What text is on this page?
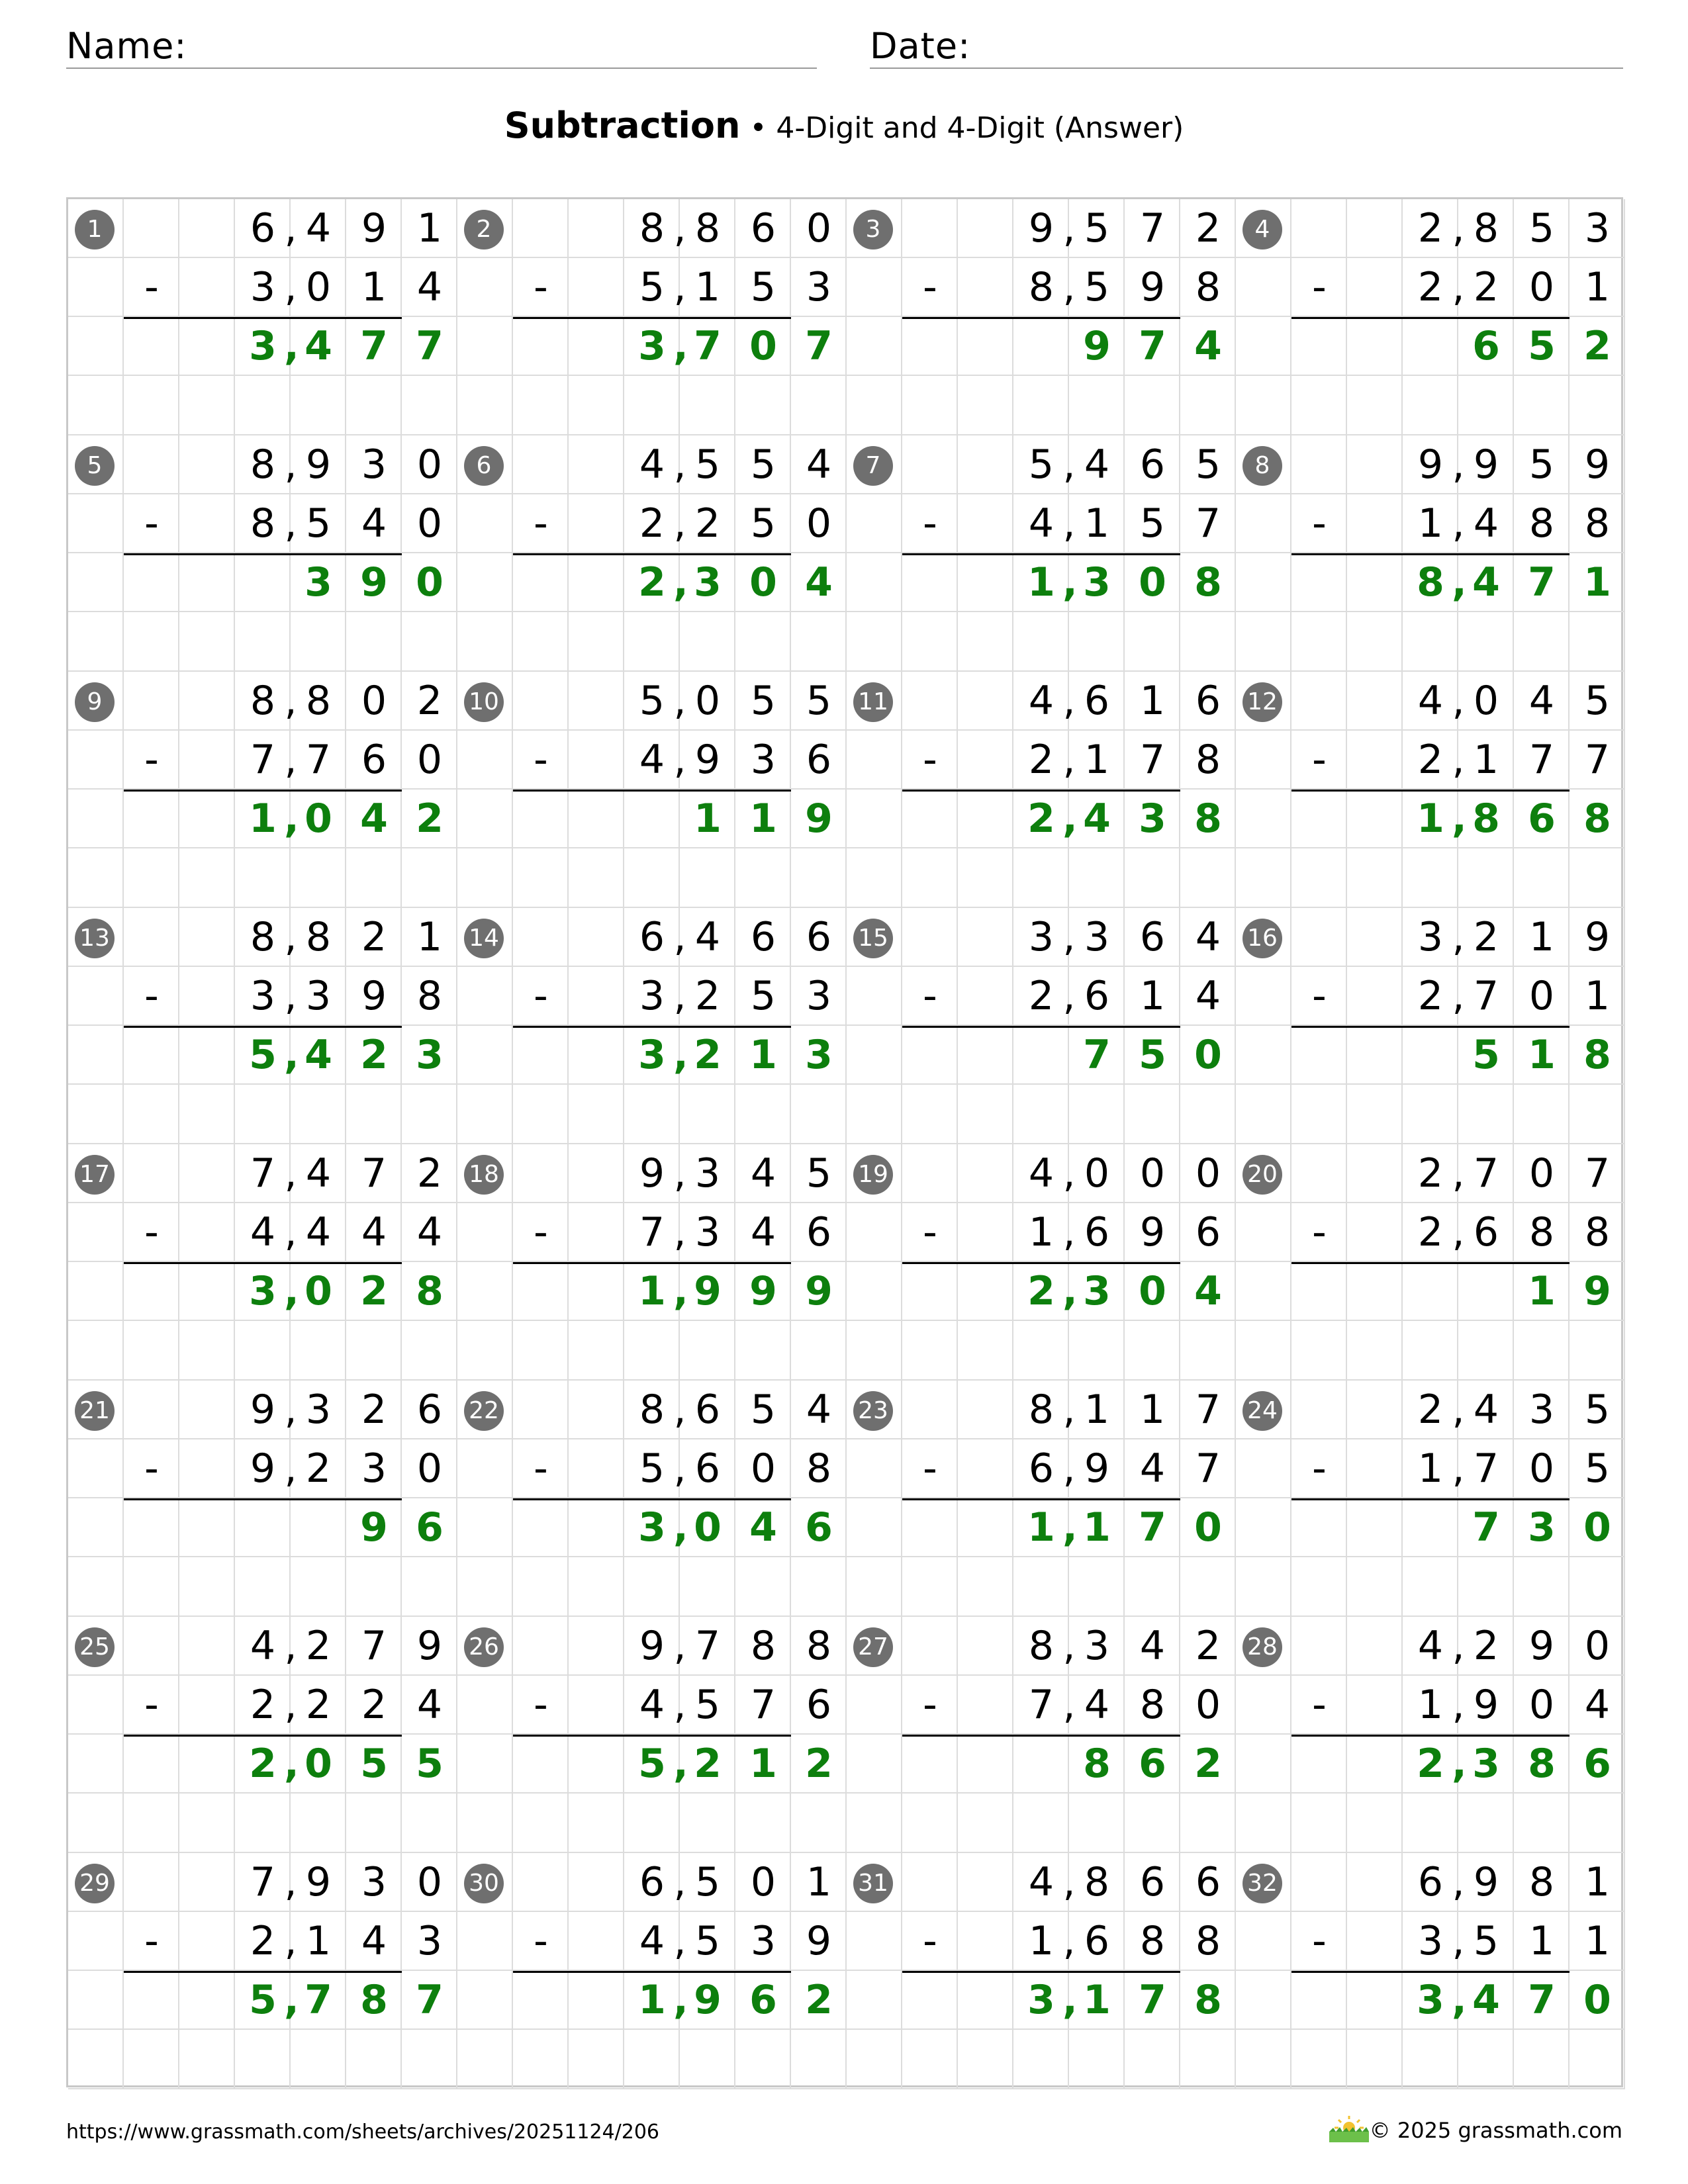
Name:	Date:
Subtraction • 4-Digit and 4-Digit (Answer)
1
-
6 4 9 1
,
3 0 1 4
,
3 4 7 7
,
2
-
8 8 6 0
,
5 1 5 3
,
3 7 0 7
,
3
-
9 5 7 2
,
8 5 9 8
,
9 7 4
4
-
2 8 5 3
,
2 2 0 1
,
6 5 2
5
-
8 9 3 0
,
8 5 4 0
,
3 9 0
6
-
4 5 5 4
,
2 2 5 0
,
2 3 0 4
,
7
-
5 4 6 5
,
4 1 5 7
,
1 3 0 8
,
8
-
9 9 5 9
,
1 4 8 8
,
8 4 7 1
,
9
-
8 8 0 2
,
7 7 6 0
,
1 0 4 2
,
10
-
5 0 5 5
,
4 9 3 6
,
1 1 9
11
-
4 6 1 6
,
2 1 7 8
,
2 4 3 8
,
12
-
4 0 4 5
,
2 1 7 7
,
1 8 6 8
,
13
-
8 8 2 1
,
3 3 9 8
,
5 4 2 3
,
14
-
6 4 6 6
,
3 2 5 3
,
3 2 1 3
,
15
-
3 3 6 4
,
2 6 1 4
,
7 5 0
16
-
3 2 1 9
,
2 7 0 1
,
5 1 8
17
-
7 4 7 2
,
4 4 4 4
,
3 0 2 8
,
18
-
9 3 4 5
,
7 3 4 6
,
1 9 9 9
,
19
-
4 0 0 0
,
1 6 9 6
,
2 3 0 4
,
20
-
2 7 0 7
,
2 6 8 8
,
1 9
21
-
9 3 2 6
,
9 2 3 0
,
9 6
22
-
8 6 5 4
,
5 6 0 8
,
3 0 4 6
,
23
-
8 1 1 7
,
6 9 4 7
,
1 1 7 0
,
24
-
2 4 3 5
,
1 7 0 5
,
7 3 0
25
-
4 2 7 9
,
2 2 2 4
,
2 0 5 5
,
26
-
9 7 8 8
,
4 5 7 6
,
5 2 1 2
,
27
-
8 3 4 2
,
7 4 8 0
,
8 6 2
28
-
4 2 9 0
,
1 9 0 4
,
2 3 8 6
,
29
-
7 9 3 0
,
2 1 4 3
,
5 7 8 7
,
30
-
6 5 0 1
,
4 5 3 9
,
1 9 6 2
,
31
-
4 8 6 6
,
1 6 8 8
,
3 1 7 8
,
32
-
6 9 8 1
,
3 5 1 1
,
3 4 7 0
,
https://www.grassmath.com/sheets/archives/20251124/206	© 2025 grassmath.com
